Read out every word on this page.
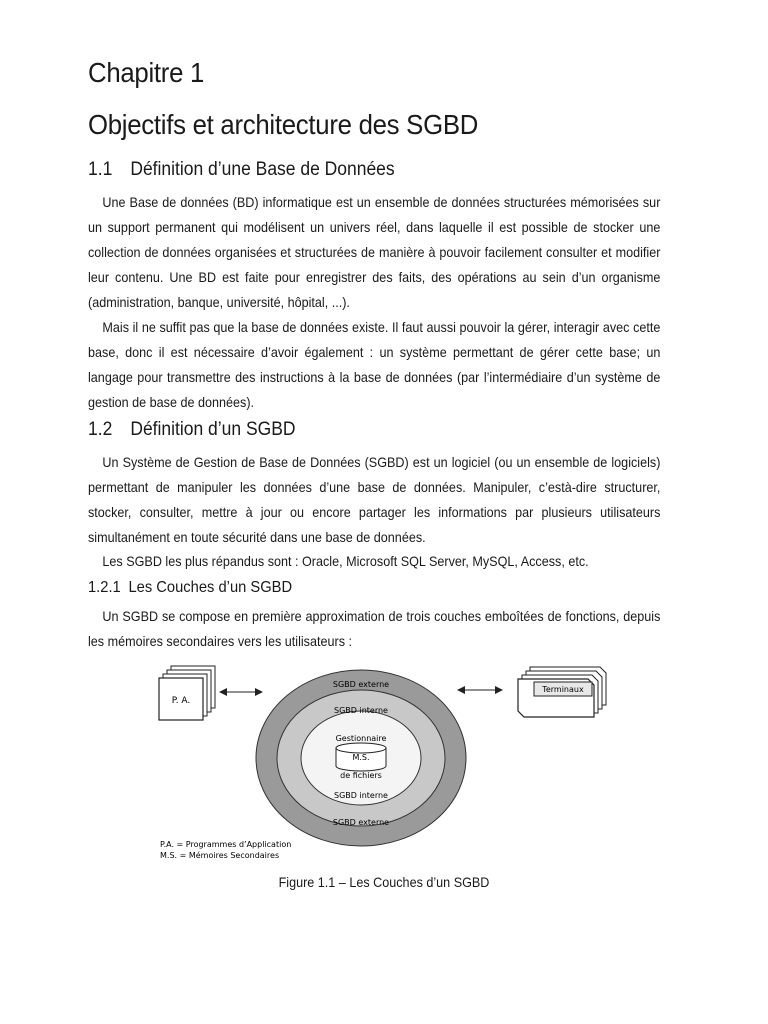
Chapitre 1
Objectifs et architecture des SGBD
1.1 Définition d’une Base de Données
Une Base de données (BD) informatique est un ensemble de données structurées mémorisées sur un support permanent qui modélisent un univers réel, dans laquelle il est possible de stocker une collection de données organisées et structurées de manière à pouvoir facilement consulter et modifier leur contenu. Une BD est faite pour enregistrer des faits, des opérations au sein d’un organisme (administration, banque, université, hôpital, ...).
Mais il ne suffit pas que la base de données existe. Il faut aussi pouvoir la gérer, interagir avec cette base, donc il est nécessaire d’avoir également : un système permettant de gérer cette base; un langage pour transmettre des instructions à la base de données (par l’intermédiaire d’un système de gestion de base de données).
1.2 Définition d’un SGBD
Un Système de Gestion de Base de Données (SGBD) est un logiciel (ou un ensemble de logiciels) permettant de manipuler les données d’une base de données. Manipuler, c’està-dire structurer, stocker, consulter, mettre à jour ou encore partager les informations par plusieurs utilisateurs simultanément en toute sécurité dans une base de données.
Les SGBD les plus répandus sont : Oracle, Microsoft SQL Server, MySQL, Access, etc.
1.2.1 Les Couches d’un SGBD
Un SGBD se compose en première approximation de trois couches emboîtées de fonctions, depuis les mémoires secondaires vers les utilisateurs :
P. A.
SGBD externe
SGBD interne
Gestionnaire
M.S.
de fichiers
SGBD interne
SGBD externe
Terminaux
P.A. = Programmes d’Application
M.S. = Mémoires Secondaires
Figure 1.1 – Les Couches d’un SGBD
